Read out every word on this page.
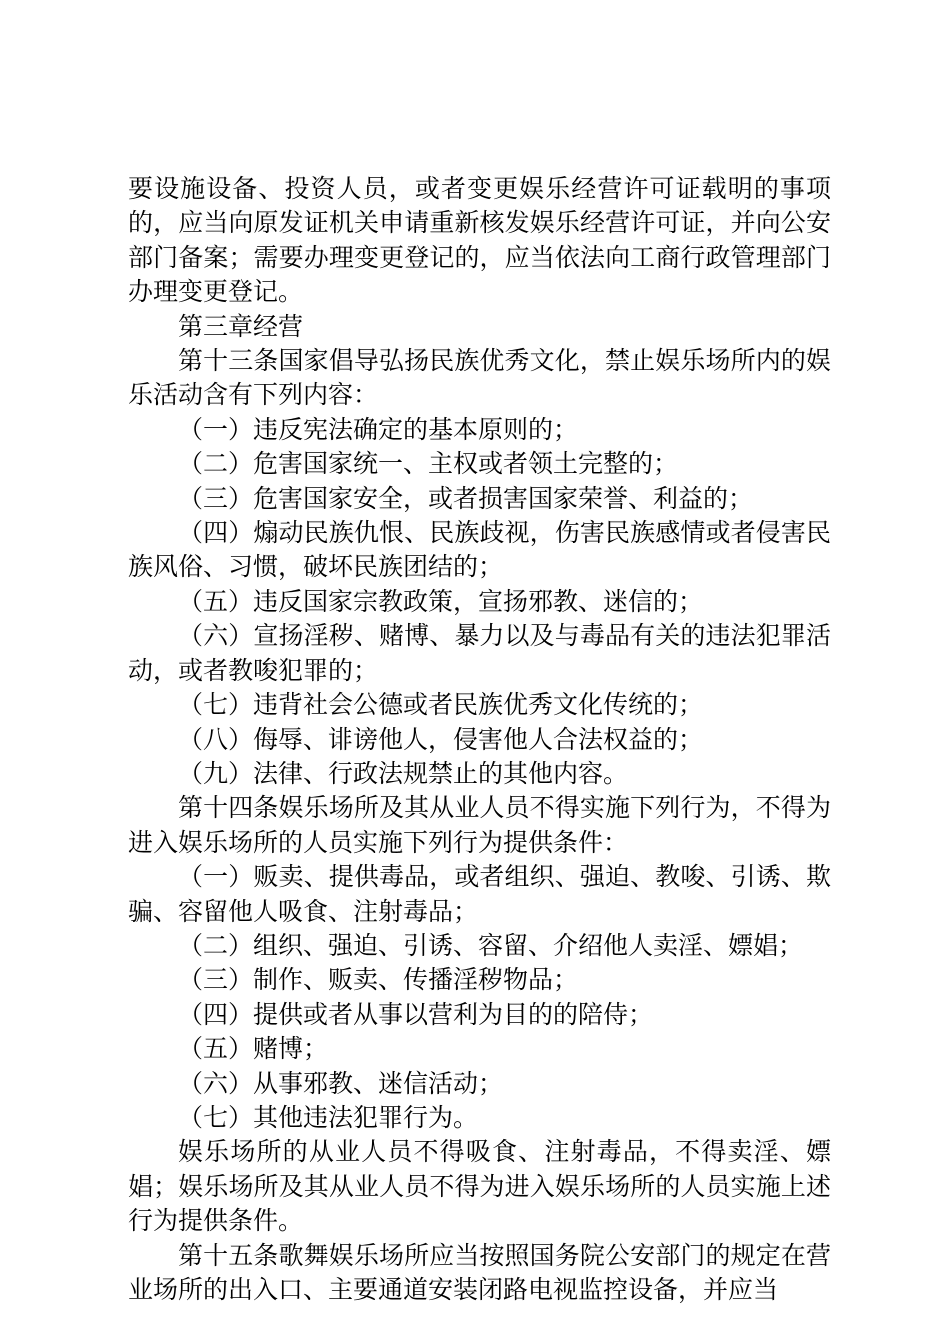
要设施设备、投资人员，或者变更娱乐经营许可证载明的事项的，应当向原发证机关申请重新核发娱乐经营许可证，并向公安部门备案；需要办理变更登记的，应当依法向工商行政管理部门办理变更登记。

第三章经营

第十三条国家倡导弘扬民族优秀文化，禁止娱乐场所内的娱乐活动含有下列内容：

（一）违反宪法确定的基本原则的；

（二）危害国家统一、主权或者领土完整的；

（三）危害国家安全，或者损害国家荣誉、利益的；

（四）煽动民族仇恨、民族歧视，伤害民族感情或者侵害民族风俗、习惯，破坏民族团结的；

（五）违反国家宗教政策，宣扬邪教、迷信的；

（六）宣扬淫秽、赌博、暴力以及与毒品有关的违法犯罪活动，或者教唆犯罪的；

（七）违背社会公德或者民族优秀文化传统的；

（八）侮辱、诽谤他人，侵害他人合法权益的；

（九）法律、行政法规禁止的其他内容。

第十四条娱乐场所及其从业人员不得实施下列行为，不得为进入娱乐场所的人员实施下列行为提供条件：

（一）贩卖、提供毒品，或者组织、强迫、教唆、引诱、欺骗、容留他人吸食、注射毒品；

（二）组织、强迫、引诱、容留、介绍他人卖淫、嫖娼；

（三）制作、贩卖、传播淫秽物品；

（四）提供或者从事以营利为目的的陪侍；

（五）赌博；

（六）从事邪教、迷信活动；

（七）其他违法犯罪行为。

娱乐场所的从业人员不得吸食、注射毒品，不得卖淫、嫖娼；娱乐场所及其从业人员不得为进入娱乐场所的人员实施上述行为提供条件。

第十五条歌舞娱乐场所应当按照国务院公安部门的规定在营业场所的出入口、主要通道安装闭路电视监控设备，并应当
